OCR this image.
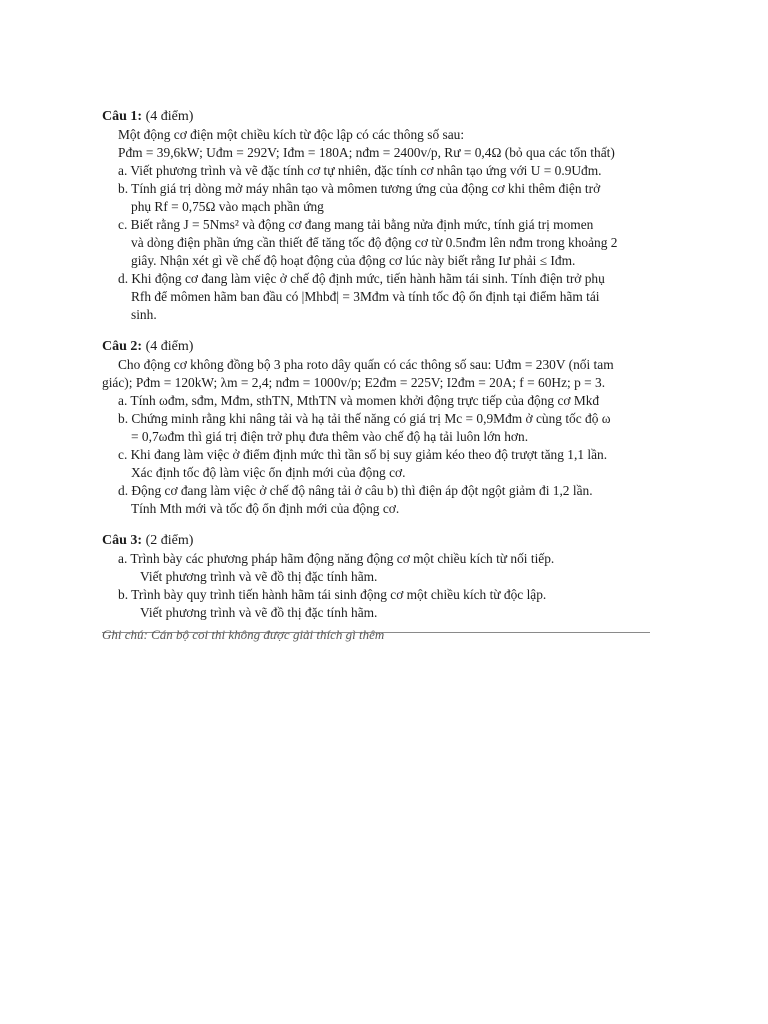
Câu 1: (4 điểm)
Một động cơ điện một chiều kích từ độc lập có các thông số sau:
Pđm = 39,6kW; Uđm = 292V; Iđm = 180A; nđm = 2400v/p, Rư = 0,4Ω (bỏ qua các tổn thất)
a. Viết phương trình và vẽ đặc tính cơ tự nhiên, đặc tính cơ nhân tạo ứng với U = 0.9Uđm.
b. Tính giá trị dòng mở máy nhân tạo và mômen tương ứng của động cơ khi thêm điện trở
phụ Rf = 0,75Ω vào mạch phần ứng
c. Biết rằng J = 5Nms² và động cơ đang mang tải bằng nửa định mức, tính giá trị momen
và dòng điện phần ứng cần thiết để tăng tốc độ động cơ từ 0.5nđm lên nđm trong khoảng 2
giây. Nhận xét gì về chế độ hoạt động của động cơ lúc này biết rằng Iư phải ≤ Iđm.
d. Khi động cơ đang làm việc ở chế độ định mức, tiến hành hãm tái sinh. Tính điện trở phụ
Rfh để mômen hãm ban đầu có |Mhbđ| = 3Mđm và tính tốc độ ổn định tại điểm hãm tái
sinh.
Câu 2: (4 điểm)
Cho động cơ không đồng bộ 3 pha roto dây quấn có các thông số sau: Uđm = 230V (nối tam
giác); Pđm = 120kW; λm = 2,4; nđm = 1000v/p; E2đm = 225V; I2đm = 20A; f = 60Hz; p = 3.
a. Tính ωđm, sđm, Mđm, sthTN, MthTN và momen khởi động trực tiếp của động cơ Mkđ
b. Chứng minh rằng khi nâng tải và hạ tải thế năng có giá trị Mc = 0,9Mđm ở cùng tốc độ ω
= 0,7ωđm thì giá trị điện trở phụ đưa thêm vào chế độ hạ tải luôn lớn hơn.
c. Khi đang làm việc ở điểm định mức thì tần số bị suy giảm kéo theo độ trượt tăng 1,1 lần.
Xác định tốc độ làm việc ổn định mới của động cơ.
d. Động cơ đang làm việc ở chế độ nâng tải ở câu b) thì điện áp đột ngột giảm đi 1,2 lần.
Tính Mth mới và tốc độ ổn định mới của động cơ.
Câu 3: (2 điểm)
a. Trình bày các phương pháp hãm động năng động cơ một chiều kích từ nối tiếp.
Viết phương trình và vẽ đồ thị đặc tính hãm.
b. Trình bày quy trình tiến hành hãm tái sinh động cơ một chiều kích từ độc lập.
Viết phương trình và vẽ đồ thị đặc tính hãm.
Ghi chú: Cán bộ coi thi không được giải thích gì thêm
